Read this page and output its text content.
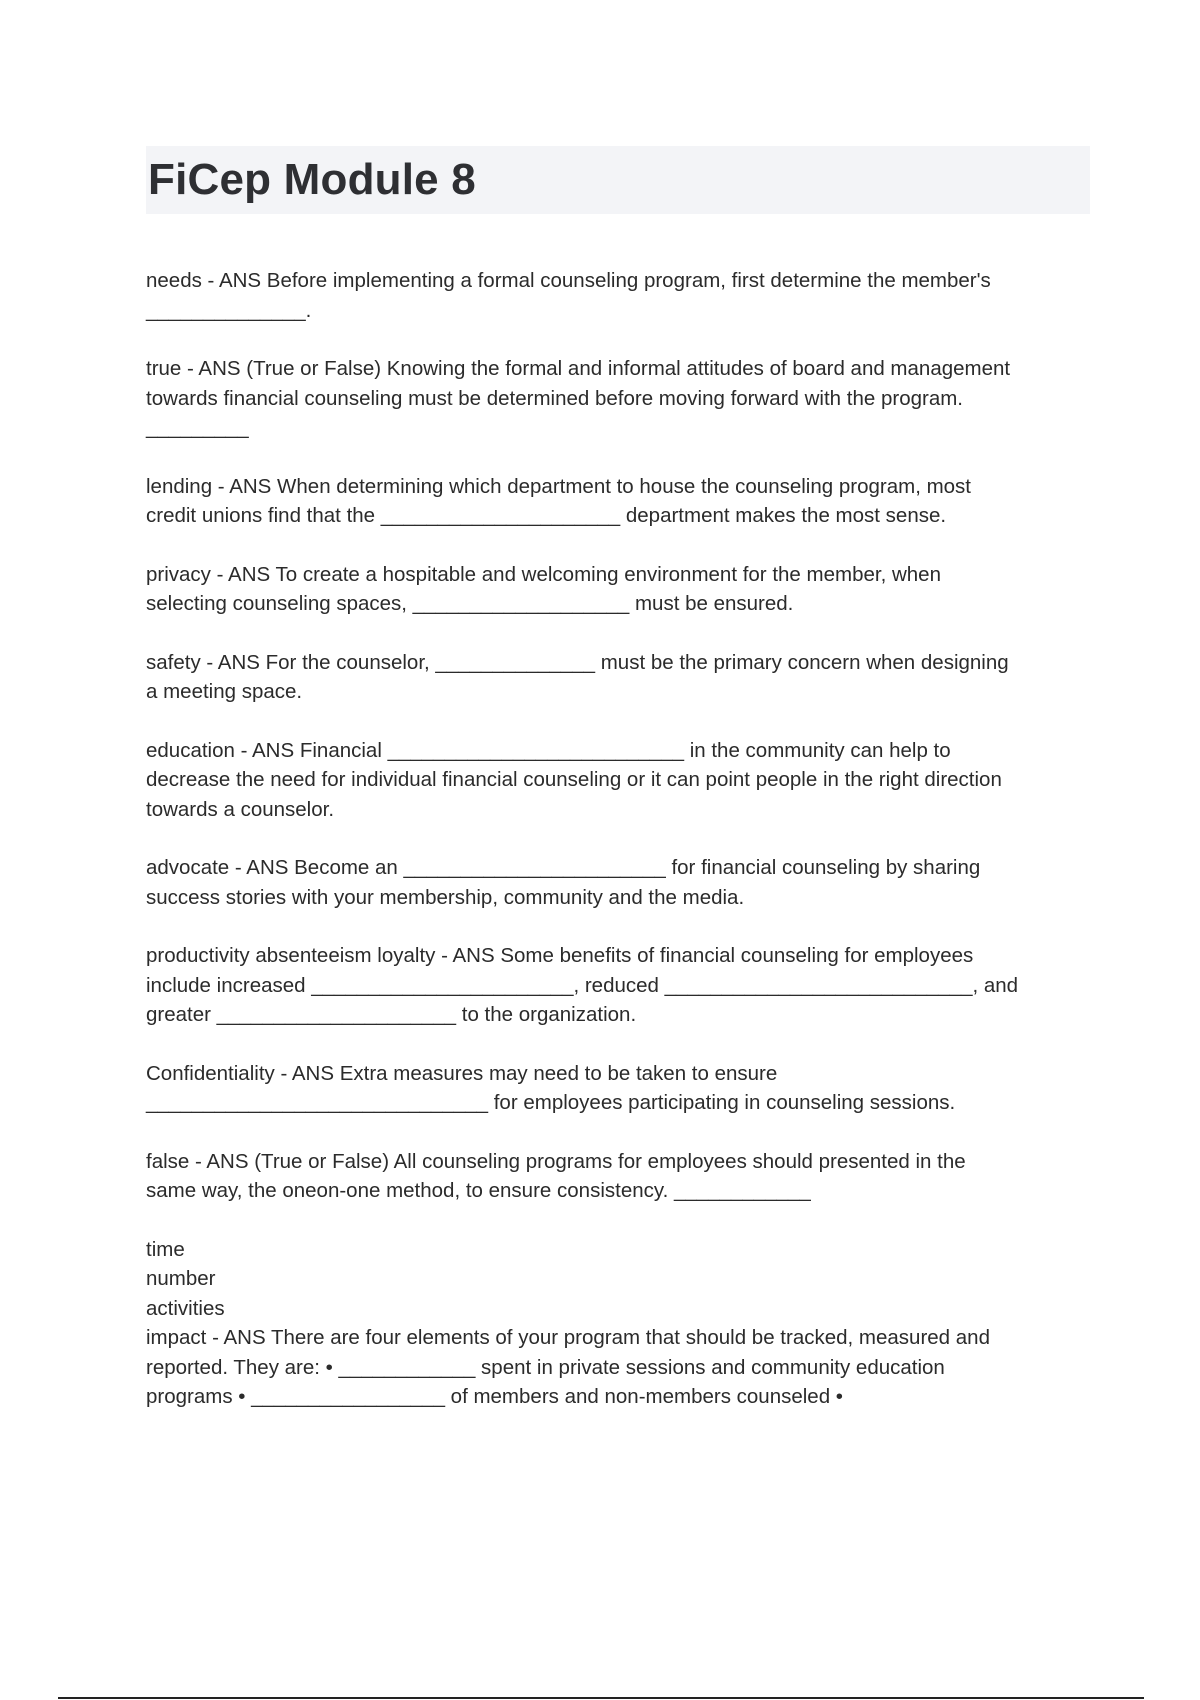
FiCep Module 8

needs - ANS Before implementing a formal counseling program, first determine the member's
______________.

true - ANS (True or False) Knowing the formal and informal attitudes of board and management
towards financial counseling must be determined before moving forward with the program.
_________

lending - ANS When determining which department to house the counseling program, most
credit unions find that the _____________________ department makes the most sense.

privacy - ANS To create a hospitable and welcoming environment for the member, when
selecting counseling spaces, ___________________ must be ensured.

safety - ANS For the counselor, ______________ must be the primary concern when designing
a meeting space.

education - ANS Financial __________________________ in the community can help to
decrease the need for individual financial counseling or it can point people in the right direction
towards a counselor.

advocate - ANS Become an _______________________ for financial counseling by sharing
success stories with your membership, community and the media.

productivity absenteeism loyalty - ANS Some benefits of financial counseling for employees
include increased _______________________, reduced ___________________________, and
greater _____________________ to the organization.

Confidentiality - ANS Extra measures may need to be taken to ensure
______________________________ for employees participating in counseling sessions.

false - ANS (True or False) All counseling programs for employees should presented in the
same way, the oneon-one method, to ensure consistency. ____________

time
number
activities
impact - ANS There are four elements of your program that should be tracked, measured and
reported. They are: • ____________ spent in private sessions and community education
programs • _________________ of members and non-members counseled •
